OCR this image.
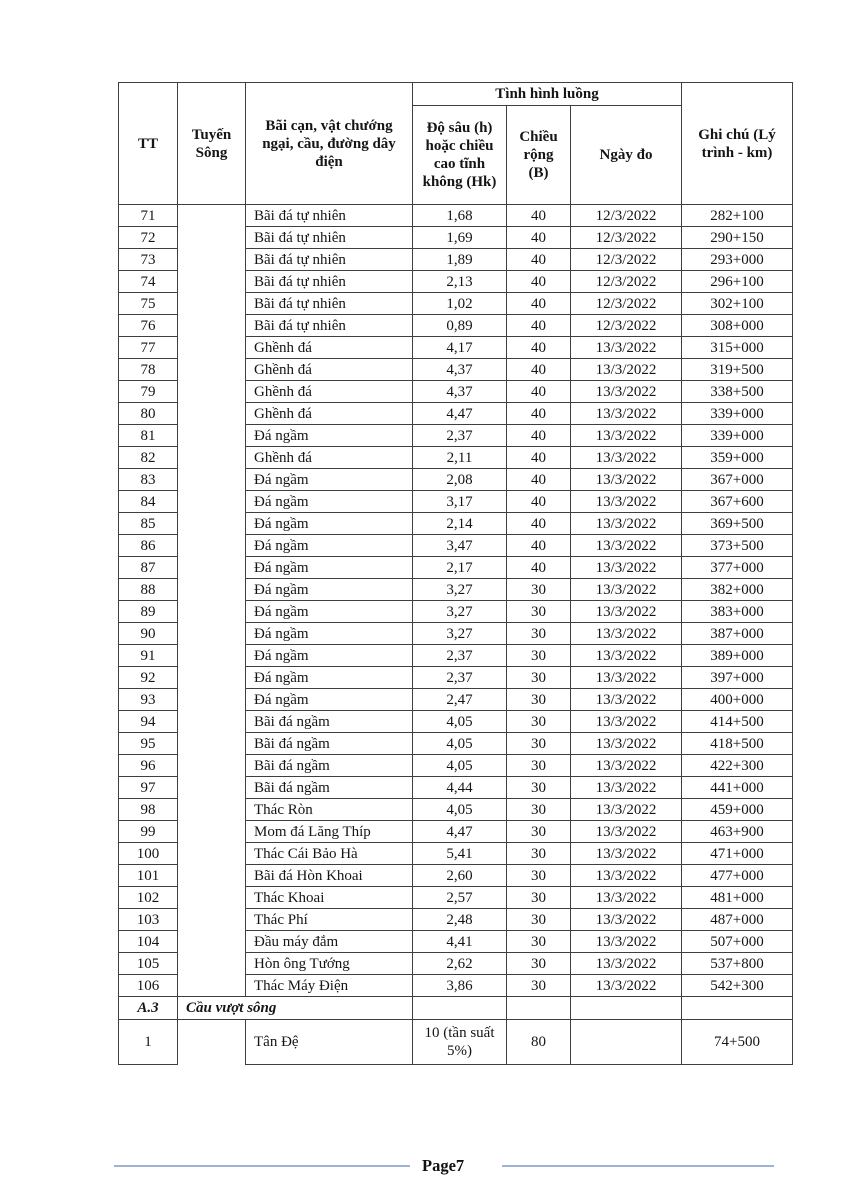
TT	Tuyến Sông	Bãi cạn, vật chướng ngại, cầu, đường dây điện	Tình hình luồng			Ghi chú (Lý trình - km)
			Độ sâu (h) hoặc chiều cao tĩnh không (Hk)	Chiều rộng (B)	Ngày đo	
71		Bãi đá tự nhiên	1,68	40	12/3/2022	282+100
72		Bãi đá tự nhiên	1,69	40	12/3/2022	290+150
73		Bãi đá tự nhiên	1,89	40	12/3/2022	293+000
74		Bãi đá tự nhiên	2,13	40	12/3/2022	296+100
75		Bãi đá tự nhiên	1,02	40	12/3/2022	302+100
76		Bãi đá tự nhiên	0,89	40	12/3/2022	308+000
77		Ghềnh đá	4,17	40	13/3/2022	315+000
78		Ghềnh đá	4,37	40	13/3/2022	319+500
79		Ghềnh đá	4,37	40	13/3/2022	338+500
80		Ghềnh đá	4,47	40	13/3/2022	339+000
81		Đá ngầm	2,37	40	13/3/2022	339+000
82		Ghềnh đá	2,11	40	13/3/2022	359+000
83		Đá ngầm	2,08	40	13/3/2022	367+000
84		Đá ngầm	3,17	40	13/3/2022	367+600
85		Đá ngầm	2,14	40	13/3/2022	369+500
86		Đá ngầm	3,47	40	13/3/2022	373+500
87		Đá ngầm	2,17	40	13/3/2022	377+000
88		Đá ngầm	3,27	30	13/3/2022	382+000
89		Đá ngầm	3,27	30	13/3/2022	383+000
90		Đá ngầm	3,27	30	13/3/2022	387+000
91		Đá ngầm	2,37	30	13/3/2022	389+000
92		Đá ngầm	2,37	30	13/3/2022	397+000
93		Đá ngầm	2,47	30	13/3/2022	400+000
94		Bãi đá ngầm	4,05	30	13/3/2022	414+500
95		Bãi đá ngầm	4,05	30	13/3/2022	418+500
96		Bãi đá ngầm	4,05	30	13/3/2022	422+300
97		Bãi đá ngầm	4,44	30	13/3/2022	441+000
98		Thác Ròn	4,05	30	13/3/2022	459+000
99		Mom đá Lăng Thíp	4,47	30	13/3/2022	463+900
100		Thác Cái Bảo Hà	5,41	30	13/3/2022	471+000
101		Bãi đá Hòn Khoai	2,60	30	13/3/2022	477+000
102		Thác Khoai	2,57	30	13/3/2022	481+000
103		Thác Phí	2,48	30	13/3/2022	487+000
104		Đầu máy đắm	4,41	30	13/3/2022	507+000
105		Hòn ông Tướng	2,62	30	13/3/2022	537+800
106		Thác Máy Điện	3,86	30	13/3/2022	542+300
A.3	Cầu vượt sông					
1		Tân Đệ	10 (tần suất 5%)	80		74+500
Page7
